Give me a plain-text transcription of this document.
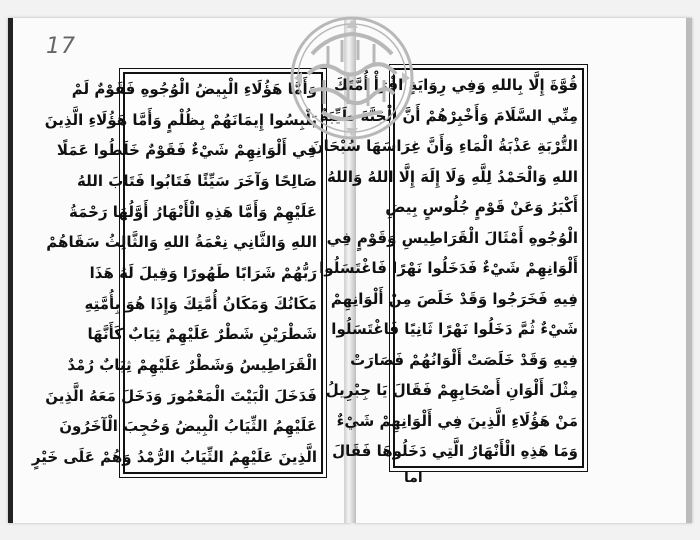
17
وَأَمَّا هَؤُلَاءِ الْبِيضُ الْوُجُوهِ فَقَوْمٌ لَمْ
يَلْبِسُوا إِيمَانَهُمْ بِظُلْمٍ وَأَمَّا هَؤُلَاءِ الَّذِينَ
فِي أَلْوَانِهِمْ شَيْءٌ فَقَوْمٌ خَلَطُوا عَمَلًا
صَالِحًا وَآخَرَ سَيِّئًا فَتَابُوا فَتَابَ اللهُ
عَلَيْهِمْ وَأَمَّا هَذِهِ الْأَنْهَارُ أَوَّلُهَا رَحْمَةُ
اللهِ وَالثَّانِي نِعْمَةُ اللهِ وَالثَّالِثُ سَقَاهُمْ
رَبُّهُمْ شَرَابًا طَهُورًا وَقِيلَ لَهُ هَذَا
مَكَانُكَ وَمَكَانُ أُمَّتِكَ وَإِذَا هُوَ بِأُمَّتِهِ
شَطْرَيْنِ شَطْرٌ عَلَيْهِمْ ثِيَابٌ كَأَنَّهَا
الْقَرَاطِيسُ وَشَطْرٌ عَلَيْهِمْ ثِيَابٌ رُمْدٌ
فَدَخَلَ الْبَيْتَ الْمَعْمُورَ وَدَخَلَ مَعَهُ الَّذِينَ
عَلَيْهِمُ الثِّيَابُ الْبِيضُ وَحُجِبَ الْآخَرُونَ
الَّذِينَ عَلَيْهِمُ الثِّيَابُ الرُّمْدُ وَهُمْ عَلَى خَيْرٍ
قُوَّةَ إِلَّا بِاللهِ وَفِي رِوَايَةٍ اقْرَأْ أُمَّتَكَ
مِنِّي السَّلَامَ وَأَخْبِرْهُمْ أَنَّ الْجَنَّةَ طَيِّبَةُ
التُّرْبَةِ عَذْبَةُ الْمَاءِ وَأَنَّ غِرَاسَهَا سُبْحَانَ
اللهِ وَالْحَمْدُ لِلَّهِ وَلَا إِلَهَ إِلَّا اللهُ وَاللهُ
أَكْبَرُ وَعَنْ قَوْمٍ جُلُوسٍ بِيضِ
الْوُجُوهِ أَمْثَالَ الْقَرَاطِيسِ وَقَوْمٍ فِي
أَلْوَانِهِمْ شَيْءٌ فَدَخَلُوا نَهْرًا فَاغْتَسَلُوا
فِيهِ فَخَرَجُوا وَقَدْ خَلَصَ مِنْ أَلْوَانِهِمْ
شَيْءٌ ثُمَّ دَخَلُوا نَهْرًا ثَانِيًا فَاغْتَسَلُوا
فِيهِ وَقَدْ خَلَصَتْ أَلْوَانُهُمْ فَصَارَتْ
مِثْلَ أَلْوَانِ أَصْحَابِهِمْ فَقَالَ يَا جِبْرِيلُ
مَنْ هَؤُلَاءِ الَّذِينَ فِي أَلْوَانِهِمْ شَيْءٌ
وَمَا هَذِهِ الْأَنْهَارُ الَّتِي دَخَلُوهَا فَقَالَ
اما
